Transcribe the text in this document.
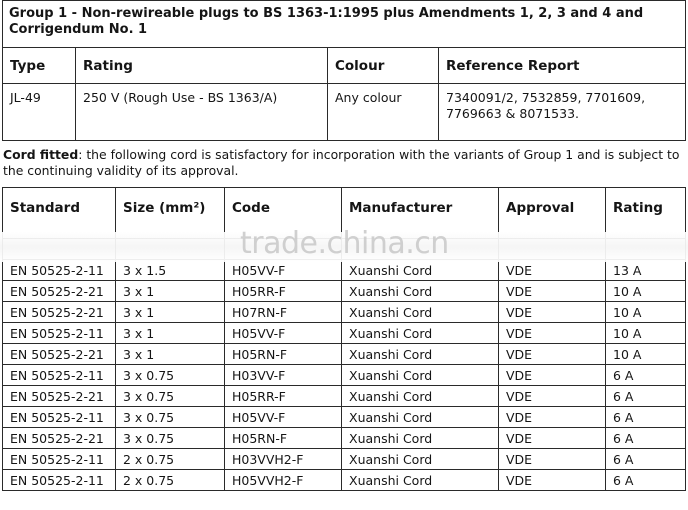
Group 1 - Non-rewireable plugs to BS 1363-1:1995 plus Amendments 1, 2, 3 and 4 and Corrigendum No. 1			
Type	Rating	Colour	Reference Report
JL-49	250 V (Rough Use - BS 1363/A)	Any colour	7340091/2, 7532859, 7701609,
7769663 & 8071533.

Cord fitted: the following cord is satisfactory for incorporation with the variants of Group 1 and is subject to the continuing validity of its approval.

Standard	Size (mm²)	Code	Manufacturer	Approval	Rating

EN 50525-2-11	3 x 1.5	H05VV-F	Xuanshi Cord	VDE	13 A
EN 50525-2-21	3 x 1	H05RR-F	Xuanshi Cord	VDE	10 A
EN 50525-2-21	3 x 1	H07RN-F	Xuanshi Cord	VDE	10 A
EN 50525-2-11	3 x 1	H05VV-F	Xuanshi Cord	VDE	10 A
EN 50525-2-21	3 x 1	H05RN-F	Xuanshi Cord	VDE	10 A
EN 50525-2-11	3 x 0.75	H03VV-F	Xuanshi Cord	VDE	6 A
EN 50525-2-21	3 x 0.75	H05RR-F	Xuanshi Cord	VDE	6 A
EN 50525-2-11	3 x 0.75	H05VV-F	Xuanshi Cord	VDE	6 A
EN 50525-2-21	3 x 0.75	H05RN-F	Xuanshi Cord	VDE	6 A
EN 50525-2-11	2 x 0.75	H03VVH2-F	Xuanshi Cord	VDE	6 A
EN 50525-2-11	2 x 0.75	H05VVH2-F	Xuanshi Cord	VDE	6 A
trade.china.cn
